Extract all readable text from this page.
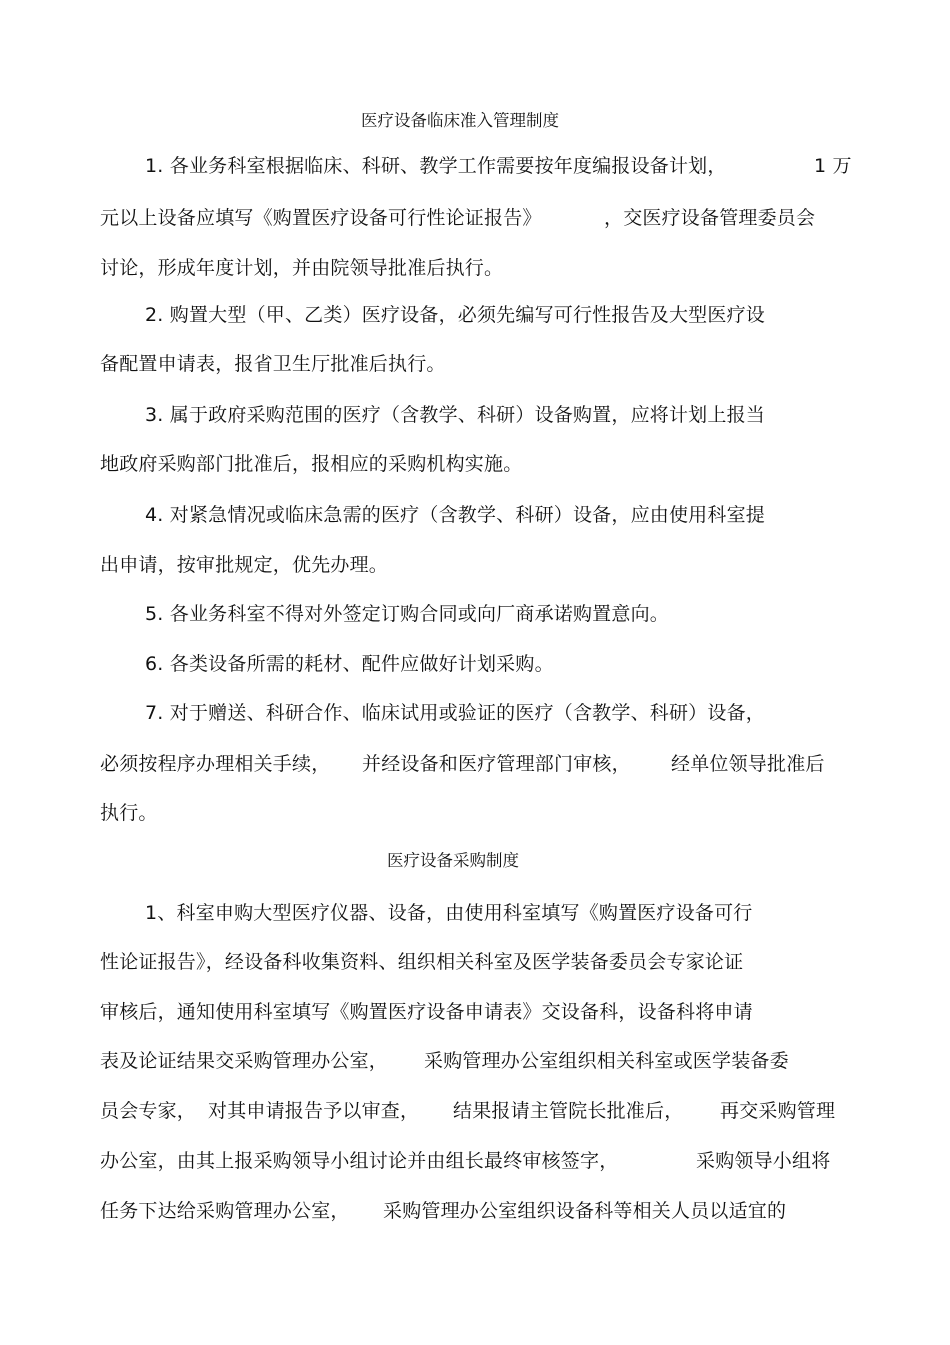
医疗设备临床准入管理制度
1. 各业务科室根据临床、科研、教学工作需要按年度编报设备计划，	1 万
元以上设备应填写《购置医疗设备可行性论证报告》	，交医疗设备管理委员会
讨论，形成年度计划，并由院领导批准后执行。
2. 购置大型（甲、乙类）医疗设备，必须先编写可行性报告及大型医疗设
备配置申请表，报省卫生厅批准后执行。
3. 属于政府采购范围的医疗（含教学、科研）设备购置，应将计划上报当
地政府采购部门批准后，报相应的采购机构实施。
4. 对紧急情况或临床急需的医疗（含教学、科研）设备，应由使用科室提
出申请，按审批规定，优先办理。
5. 各业务科室不得对外签定订购合同或向厂商承诺购置意向。
6. 各类设备所需的耗材、配件应做好计划采购。
7. 对于赠送、科研合作、临床试用或验证的医疗（含教学、科研）设备，
必须按程序办理相关手续， 并经设备和医疗管理部门审核， 经单位领导批准后
执行。
医疗设备采购制度
1、科室申购大型医疗仪器、设备，由使用科室填写《购置医疗设备可行
性论证报告》，经设备科收集资料、组织相关科室及医学装备委员会专家论证
审核后，通知使用科室填写《购置医疗设备申请表》交设备科，设备科将申请
表及论证结果交采购管理办公室， 采购管理办公室组织相关科室或医学装备委
员会专家， 对其申请报告予以审查， 结果报请主管院长批准后， 再交采购管理
办公室，由其上报采购领导小组讨论并由组长最终审核签字，	采购领导小组将
任务下达给采购管理办公室， 采购管理办公室组织设备科等相关人员以适宜的
